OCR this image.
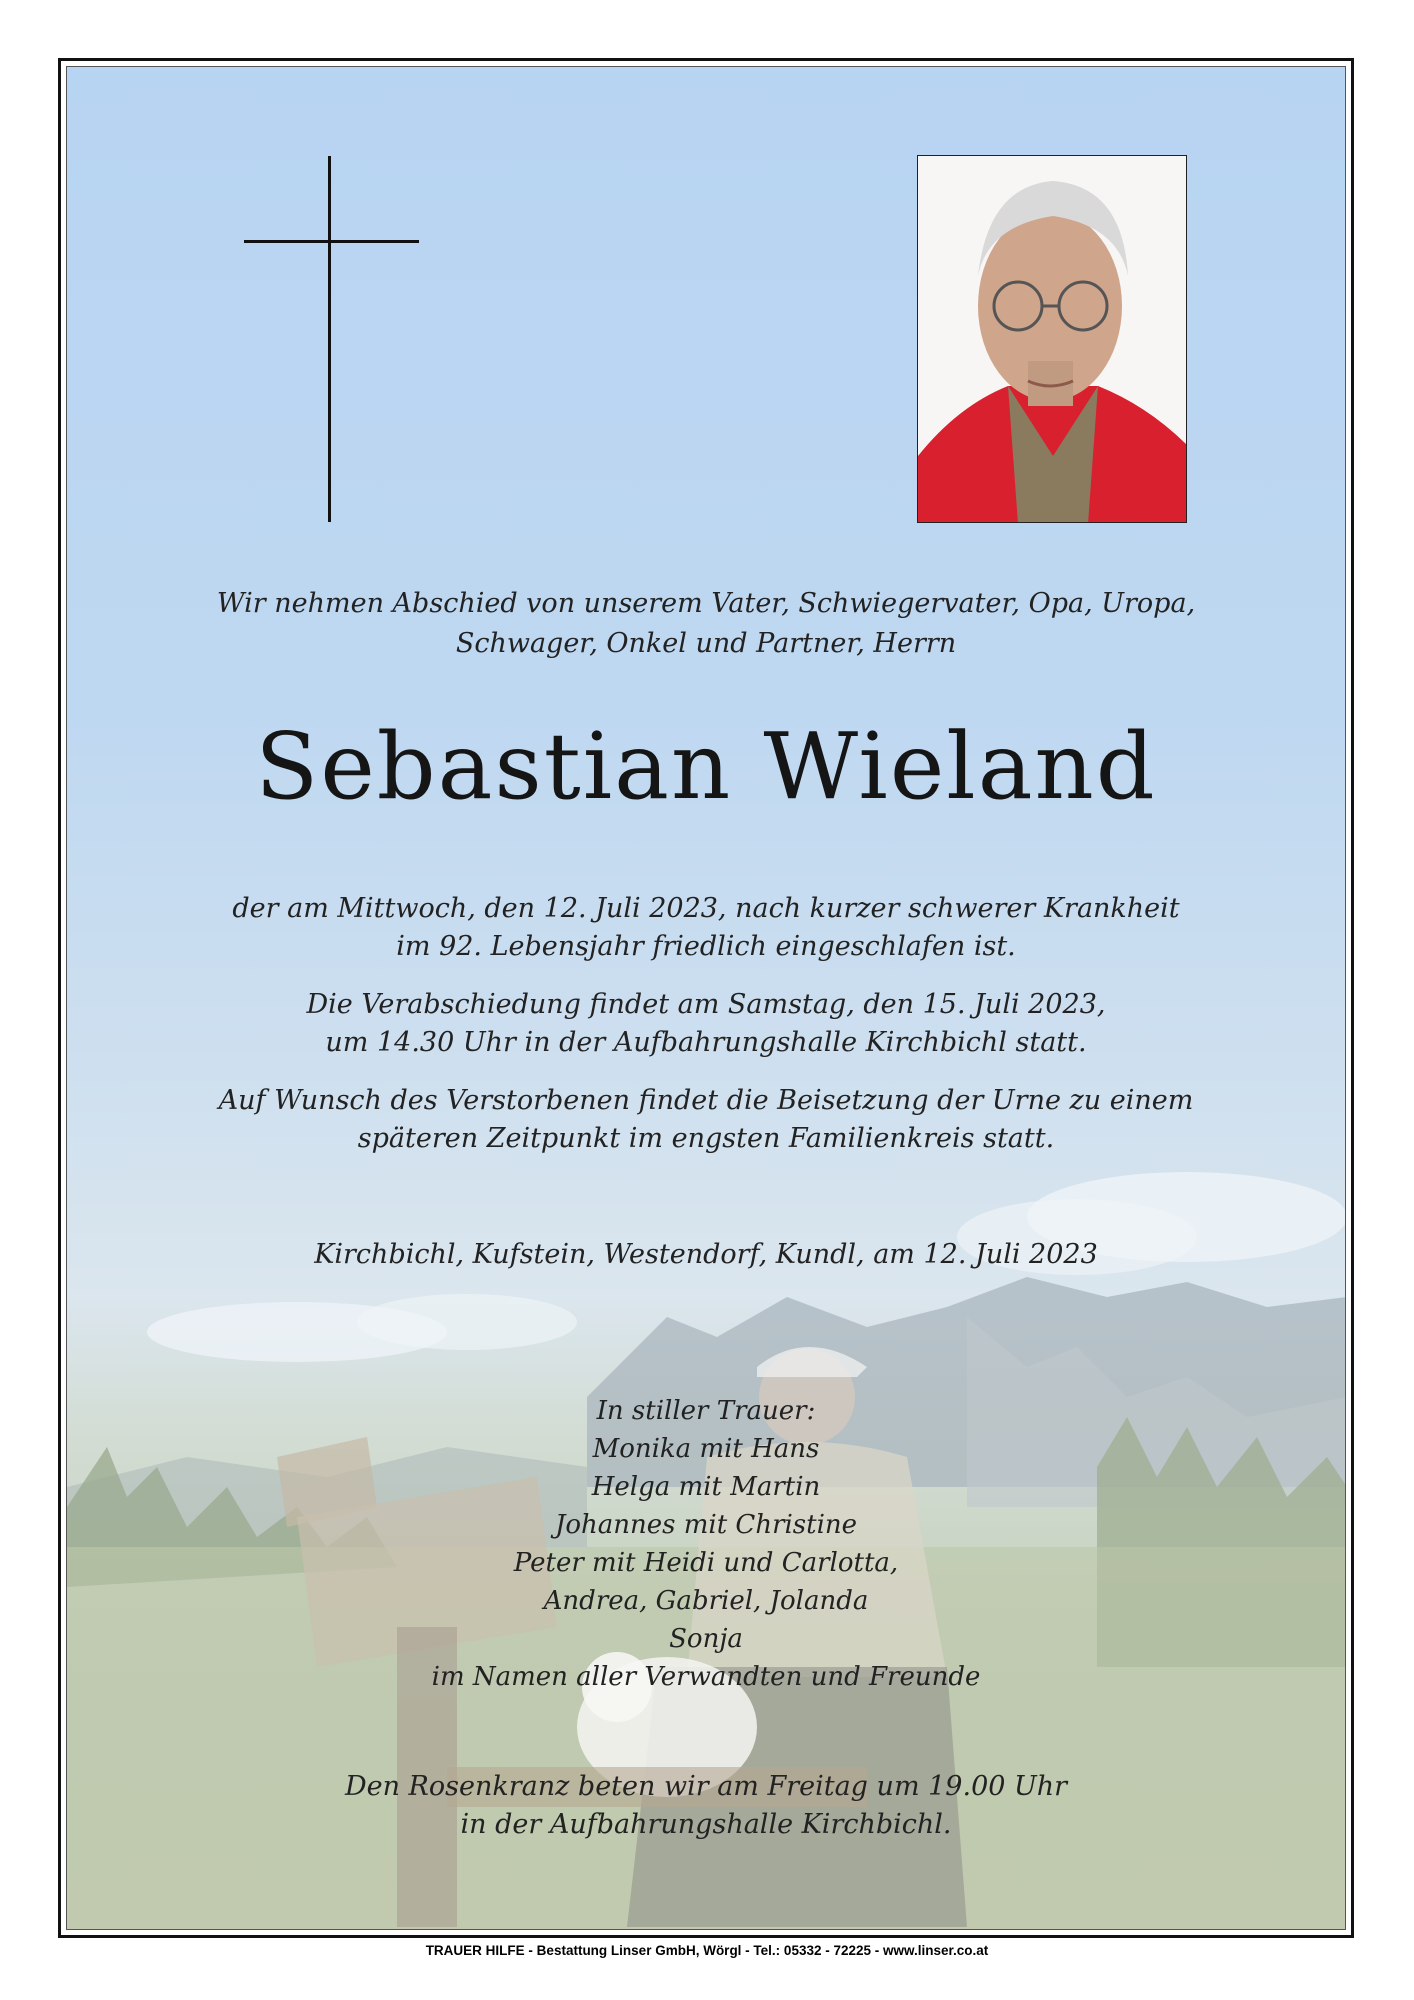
Wir nehmen Abschied von unserem Vater, Schwiegervater, Opa, Uropa,
Schwager, Onkel und Partner, Herrn
Sebastian Wieland
der am Mittwoch, den 12. Juli 2023, nach kurzer schwerer Krankheit
im 92. Lebensjahr friedlich eingeschlafen ist.
Die Verabschiedung findet am Samstag, den 15. Juli 2023,
um 14.30 Uhr in der Aufbahrungshalle Kirchbichl statt.
Auf Wunsch des Verstorbenen findet die Beisetzung der Urne zu einem
späteren Zeitpunkt im engsten Familienkreis statt.
Kirchbichl, Kufstein, Westendorf, Kundl, am 12. Juli 2023
In stiller Trauer:
Monika mit Hans
Helga mit Martin
Johannes mit Christine
Peter mit Heidi und Carlotta,
Andrea, Gabriel, Jolanda
Sonja
im Namen aller Verwandten und Freunde
Den Rosenkranz beten wir am Freitag um 19.00 Uhr
in der Aufbahrungshalle Kirchbichl.
TRAUER HILFE - Bestattung Linser GmbH, Wörgl - Tel.: 05332 - 72225 - www.linser.co.at
